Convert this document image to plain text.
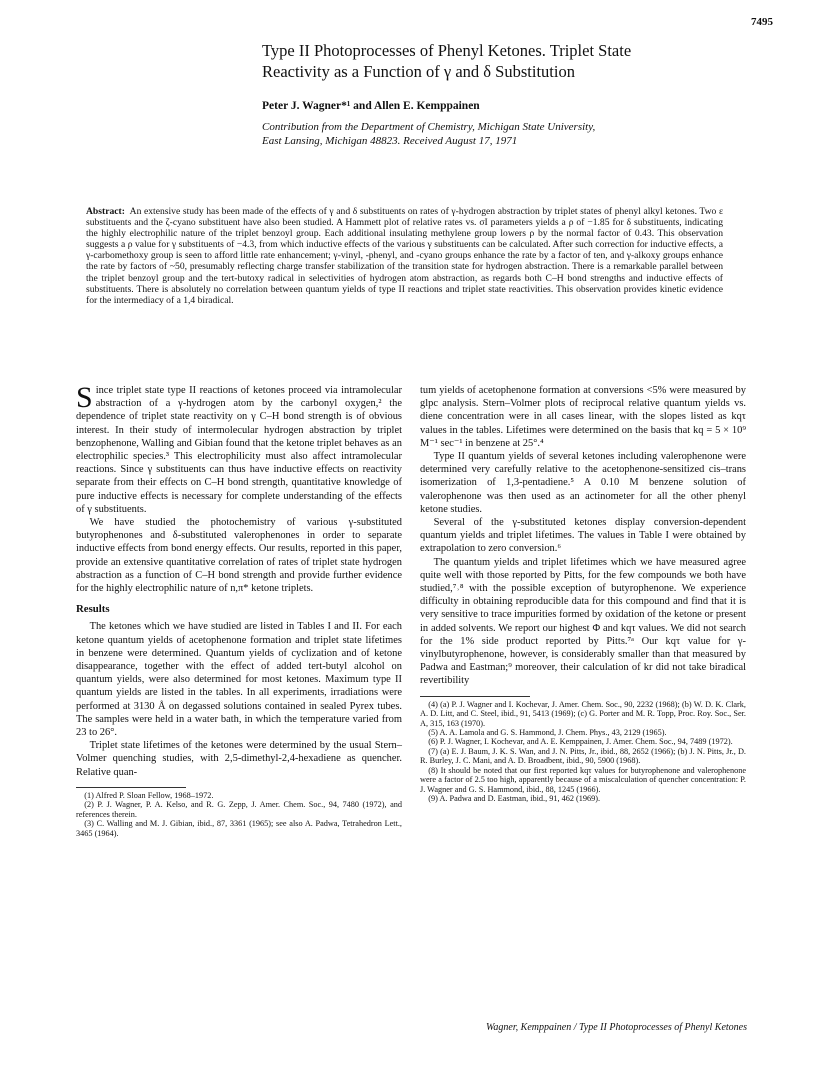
7495
Type II Photoprocesses of Phenyl Ketones. Triplet State
Reactivity as a Function of γ and δ Substitution
Peter J. Wagner*¹ and Allen E. Kemppainen
Contribution from the Department of Chemistry, Michigan State University,
East Lansing, Michigan 48823. Received August 17, 1971
Abstract: An extensive study has been made of the effects of γ and δ substituents on rates of γ-hydrogen abstraction by triplet states of phenyl alkyl ketones. Two ε substituents and the ζ-cyano substituent have also been studied. A Hammett plot of relative rates vs. σI parameters yields a ρ of −1.85 for δ substituents, indicating the highly electrophilic nature of the triplet benzoyl group. Each additional insulating methylene group lowers ρ by the normal factor of 0.43. This observation suggests a ρ value for γ substituents of −4.3, from which inductive effects of the various γ substituents can be calculated. After such correction for inductive effects, a γ-carbomethoxy group is seen to afford little rate enhancement; γ-vinyl, -phenyl, and -cyano groups enhance the rate by a factor of ten, and γ-alkoxy groups enhance the rate by factors of ~50, presumably reflecting charge transfer stabilization of the transition state for hydrogen abstraction. There is a remarkable parallel between the triplet benzoyl group and the tert-butoxy radical in selectivities of hydrogen atom abstraction, as regards both C–H bond strengths and inductive effects of substituents. There is absolutely no correlation between quantum yields of type II reactions and triplet state reactivities. This observation provides kinetic evidence for the intermediacy of a 1,4 biradical.

Since triplet state type II reactions of ketones proceed via intramolecular abstraction of a γ-hydrogen atom by the carbonyl oxygen,² the dependence of triplet state reactivity on γ C–H bond strength is of obvious interest. In their study of intermolecular hydrogen abstraction by triplet benzophenone, Walling and Gibian found that the ketone triplet behaves as an electrophilic species.³ This electrophilicity must also affect intramolecular reactions. Since γ substituents can thus have inductive effects on reactivity separate from their effects on C–H bond strength, quantitative knowledge of pure inductive effects is necessary for complete understanding of the effects of γ substituents.

We have studied the photochemistry of various γ-substituted butyrophenones and δ-substituted valerophenones in order to separate inductive effects from bond energy effects. Our results, reported in this paper, provide an extensive quantitative correlation of rates of triplet state hydrogen abstraction as a function of C–H bond strength and provide further evidence for the highly electrophilic nature of n,π* ketone triplets.

Results

The ketones which we have studied are listed in Tables I and II. For each ketone quantum yields of acetophenone formation and triplet state lifetimes in benzene were determined. Quantum yields of cyclization and of ketone disappearance, together with the effect of added tert-butyl alcohol on quantum yields, were also determined for most ketones. Maximum type II quantum yields are listed in the tables. In all experiments, irradiations were performed at 3130 Å on degassed solutions contained in sealed Pyrex tubes. The samples were held in a water bath, in which the temperature varied from 23 to 26°.

Triplet state lifetimes of the ketones were determined by the usual Stern–Volmer quenching studies, with 2,5-dimethyl-2,4-hexadiene as quencher. Relative quan-

(1) Alfred P. Sloan Fellow, 1968–1972.
(2) P. J. Wagner, P. A. Kelso, and R. G. Zepp, J. Amer. Chem. Soc., 94, 7480 (1972), and references therein.
(3) C. Walling and M. J. Gibian, ibid., 87, 3361 (1965); see also A. Padwa, Tetrahedron Lett., 3465 (1964).

tum yields of acetophenone formation at conversions <5% were measured by glpc analysis. Stern–Volmer plots of reciprocal relative quantum yields vs. diene concentration were in all cases linear, with the slopes listed as kqτ values in the tables. Lifetimes were determined on the basis that kq = 5 × 10⁹ M⁻¹ sec⁻¹ in benzene at 25°.⁴

Type II quantum yields of several ketones including valerophenone were determined very carefully relative to the acetophenone-sensitized cis–trans isomerization of 1,3-pentadiene.⁵ A 0.10 M benzene solution of valerophenone was then used as an actinometer for all the other phenyl ketone studies.

Several of the γ-substituted ketones display conversion-dependent quantum yields and triplet lifetimes. The values in Table I were obtained by extrapolation to zero conversion.⁶

The quantum yields and triplet lifetimes which we have measured agree quite well with those reported by Pitts, for the few compounds we both have studied,⁷˒⁸ with the possible exception of butyrophenone. We experience difficulty in obtaining reproducible data for this compound and find that it is very sensitive to trace impurities formed by oxidation of the ketone or present in added solvents. We report our highest Φ and kqτ values. We did not search for the 1% side product reported by Pitts.⁷ᵃ Our kqτ value for γ-vinylbutyrophenone, however, is considerably smaller than that measured by Padwa and Eastman;⁹ moreover, their calculation of kr did not take biradical revertibility

(4) (a) P. J. Wagner and I. Kochevar, J. Amer. Chem. Soc., 90, 2232 (1968); (b) W. D. K. Clark, A. D. Litt, and C. Steel, ibid., 91, 5413 (1969); (c) G. Porter and M. R. Topp, Proc. Roy. Soc., Ser. A, 315, 163 (1970).
(5) A. A. Lamola and G. S. Hammond, J. Chem. Phys., 43, 2129 (1965).
(6) P. J. Wagner, I. Kochevar, and A. E. Kemppainen, J. Amer. Chem. Soc., 94, 7489 (1972).
(7) (a) E. J. Baum, J. K. S. Wan, and J. N. Pitts, Jr., ibid., 88, 2652 (1966); (b) J. N. Pitts, Jr., D. R. Burley, J. C. Mani, and A. D. Broadbent, ibid., 90, 5900 (1968).
(8) It should be noted that our first reported kqτ values for butyrophenone and valerophenone were a factor of 2.5 too high, apparently because of a miscalculation of quencher concentration: P. J. Wagner and G. S. Hammond, ibid., 88, 1245 (1966).
(9) A. Padwa and D. Eastman, ibid., 91, 462 (1969).
Wagner, Kemppainen / Type II Photoprocesses of Phenyl Ketones
